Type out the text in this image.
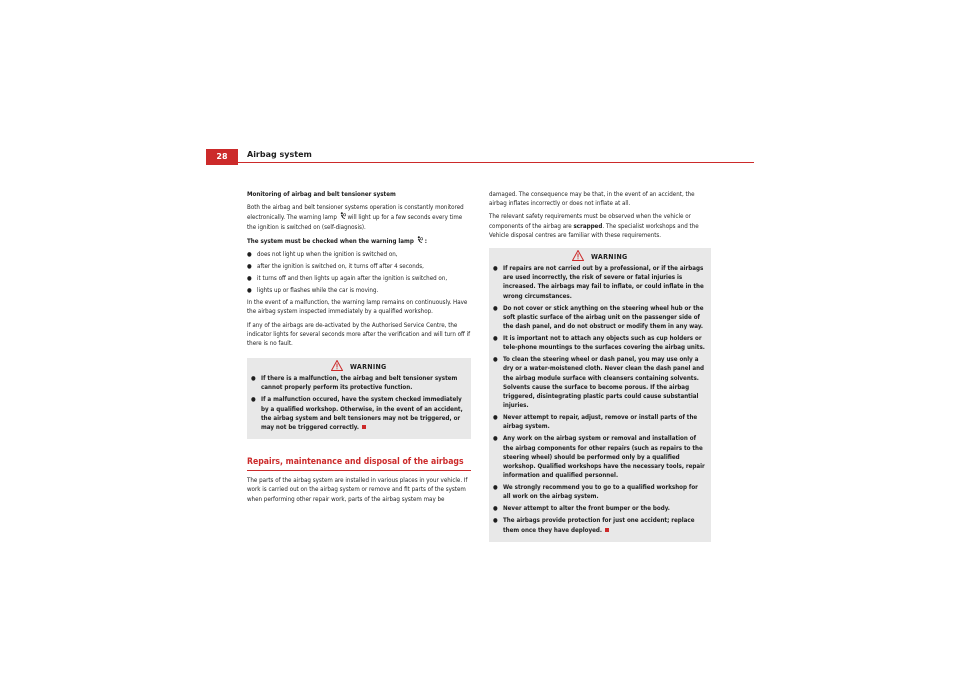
28	Airbag system

Monitoring of airbag and belt tensioner system

Both the airbag and belt tensioner systems operation is constantly monitored electronically. The warning lamp will light up for a few seconds every time the ignition is switched on (self-diagnosis).

The system must be checked when the warning lamp :

● does not light up when the ignition is switched on,
● after the ignition is switched on, it turns off after 4 seconds,
● it turns off and then lights up again after the ignition is switched on,
● lights up or flashes while the car is moving.

In the event of a malfunction, the warning lamp remains on continuously. Have the airbag system inspected immediately by a qualified workshop.

If any of the airbags are de-activated by the Authorised Service Centre, the indicator lights for several seconds more after the verification and will turn off if there is no fault.

WARNING
● If there is a malfunction, the airbag and belt tensioner system cannot properly perform its protective function.
● If a malfunction occured, have the system checked immediately by a qualified workshop. Otherwise, in the event of an accident, the airbag system and belt tensioners may not be triggered, or may not be triggered correctly.
Repairs, maintenance and disposal of the airbags

The parts of the airbag system are installed in various places in your vehicle. If work is carried out on the airbag system or remove and fit parts of the system when performing other repair work, parts of the airbag system may be

damaged. The consequence may be that, in the event of an accident, the airbag inflates incorrectly or does not inflate at all.

The relevant safety requirements must be observed when the vehicle or components of the airbag are scrapped. The specialist workshops and the Vehicle disposal centres are familiar with these requirements.

WARNING
● If repairs are not carried out by a professional, or if the airbags are used incorrectly, the risk of severe or fatal injuries is increased. The airbags may fail to inflate, or could inflate in the wrong circumstances.
● Do not cover or stick anything on the steering wheel hub or the soft plastic surface of the airbag unit on the passenger side of the dash panel, and do not obstruct or modify them in any way.
● It is important not to attach any objects such as cup holders or tele-phone mountings to the surfaces covering the airbag units.
● To clean the steering wheel or dash panel, you may use only a dry or a water-moistened cloth. Never clean the dash panel and the airbag module surface with cleansers containing solvents. Solvents cause the surface to become porous. If the airbag triggered, disintegrating plastic parts could cause substantial injuries.
● Never attempt to repair, adjust, remove or install parts of the airbag system.
● Any work on the airbag system or removal and installation of the airbag components for other repairs (such as repairs to the steering wheel) should be performed only by a qualified workshop. Qualified workshops have the necessary tools, repair information and qualified personnel.
● We strongly recommend you to go to a qualified workshop for all work on the airbag system.
● Never attempt to alter the front bumper or the body.
● The airbags provide protection for just one accident; replace them once they have deployed.
